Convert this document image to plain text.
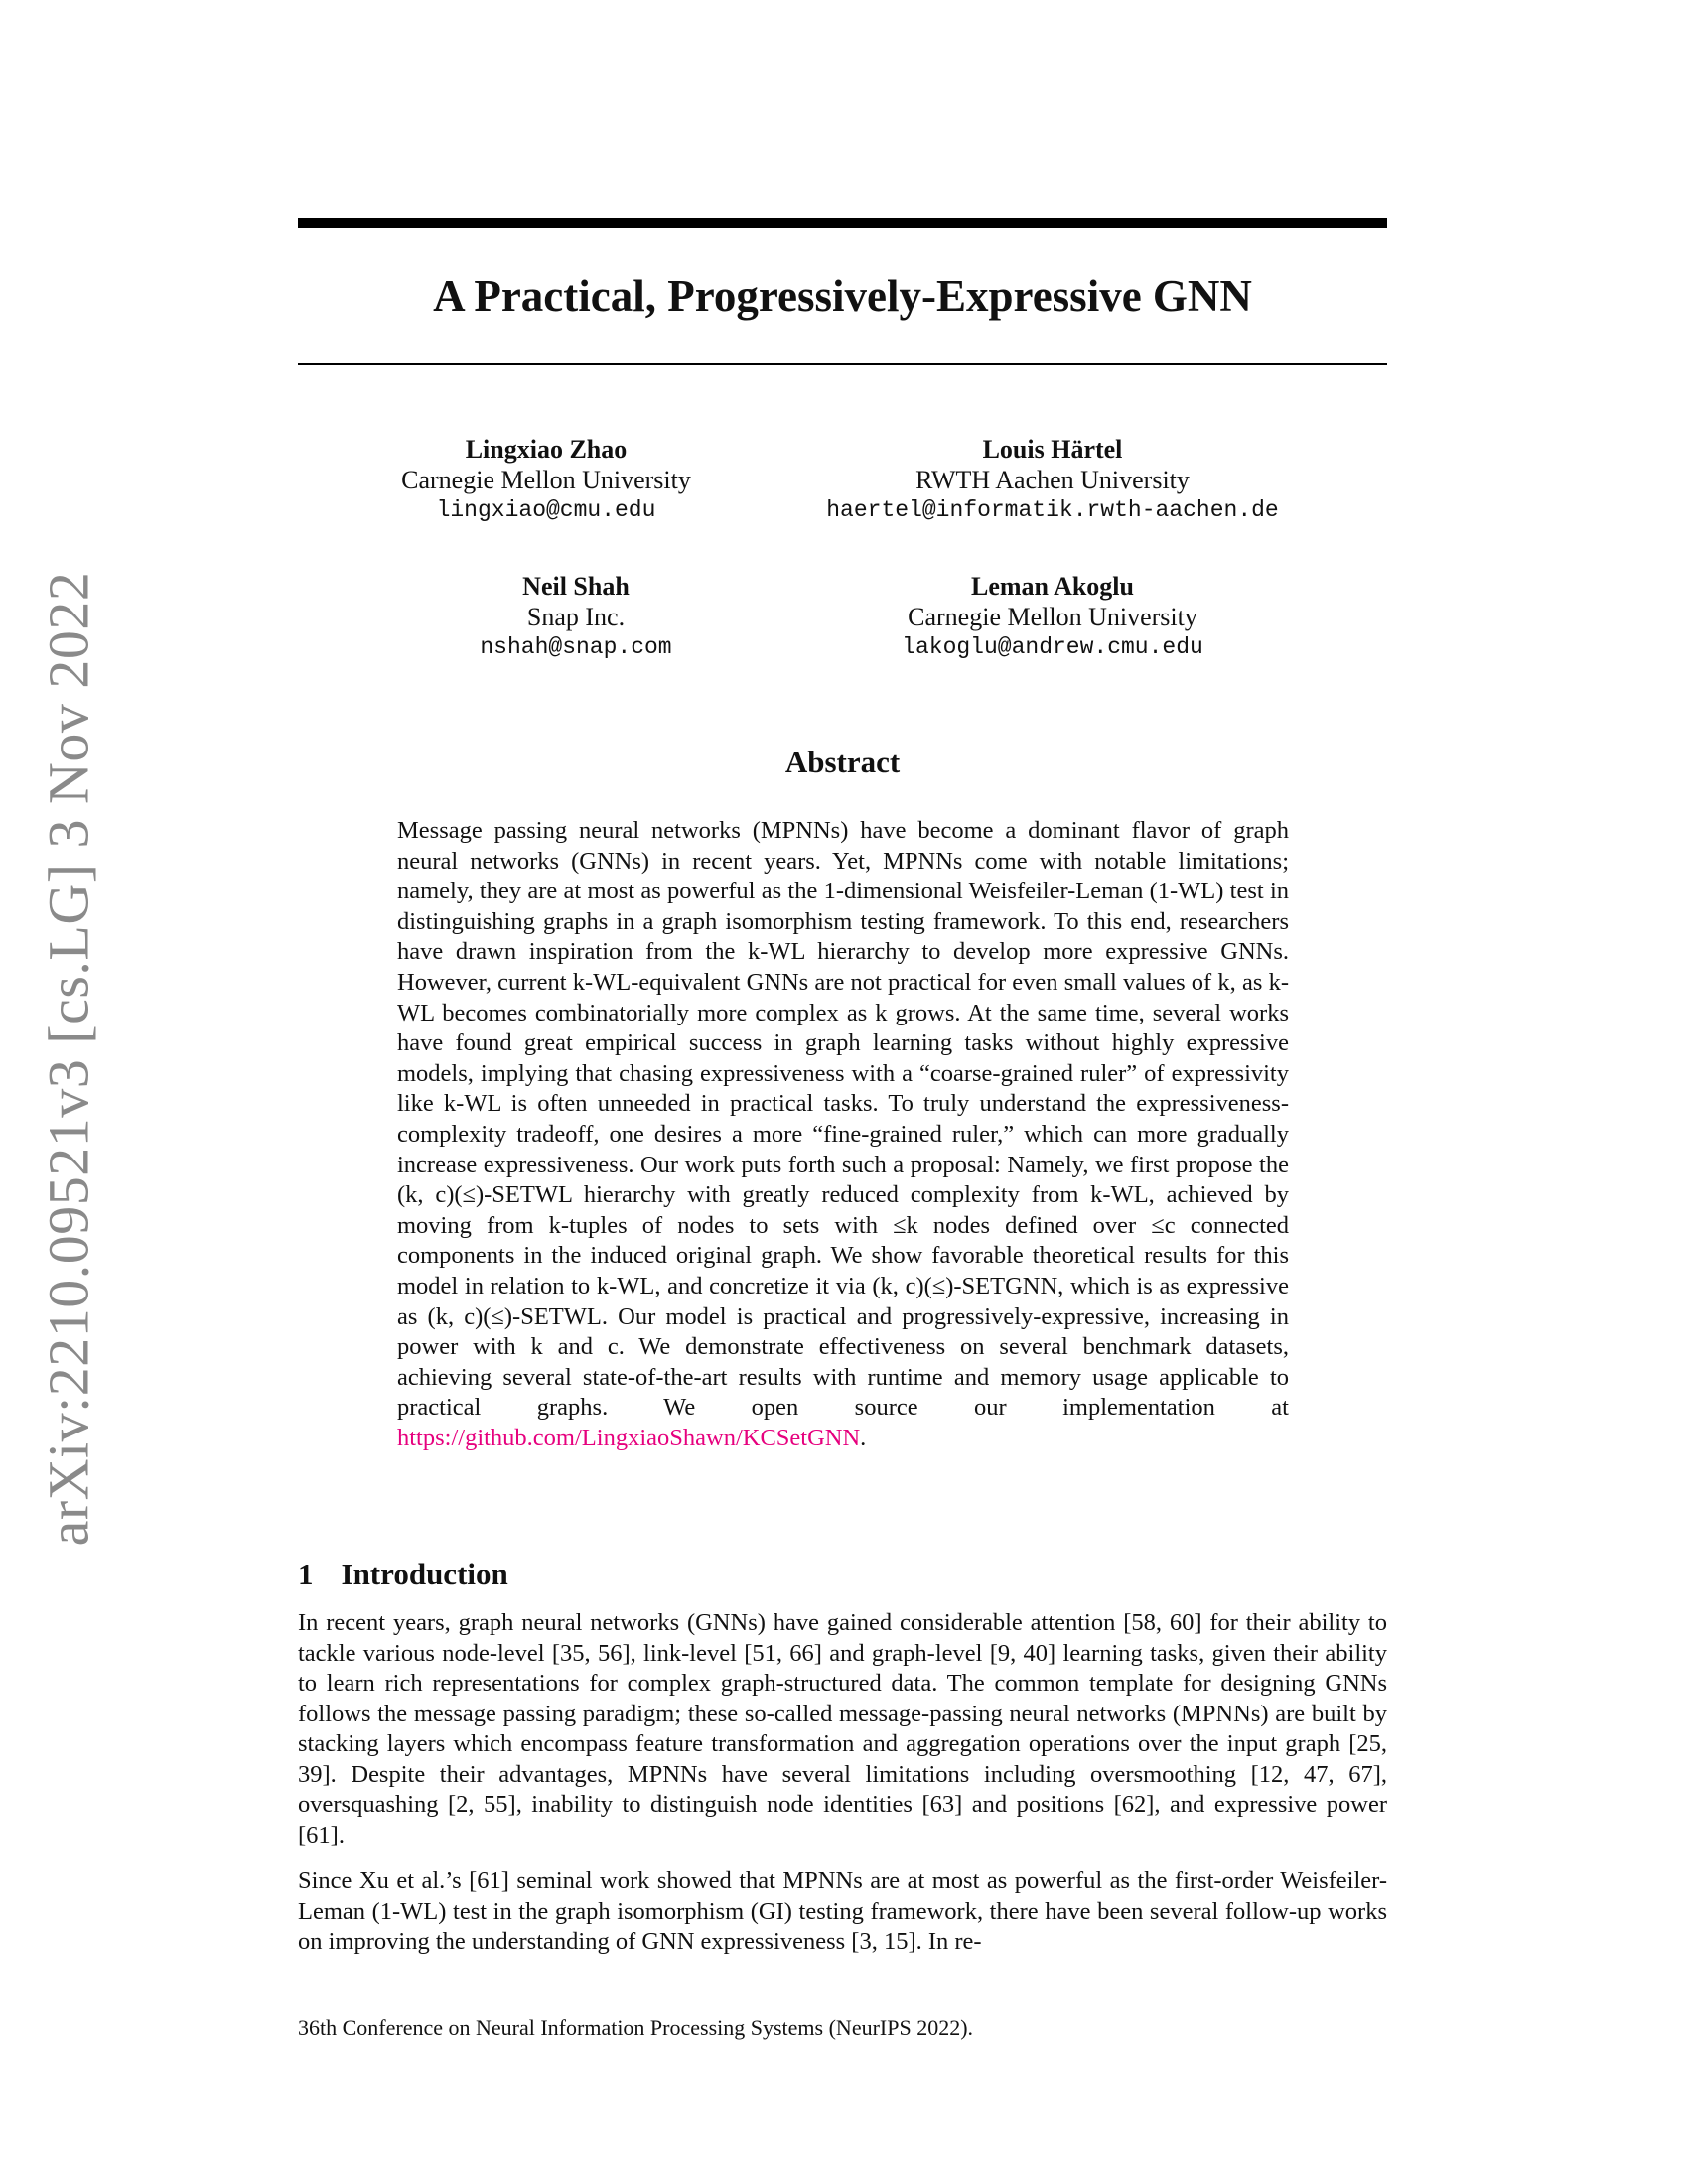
arXiv:2210.09521v3 [cs.LG] 3 Nov 2022
A Practical, Progressively-Expressive GNN
Lingxiao Zhao
Carnegie Mellon University
lingxiao@cmu.edu
Louis Härtel
RWTH Aachen University
haertel@informatik.rwth-aachen.de
Neil Shah
Snap Inc.
nshah@snap.com
Leman Akoglu
Carnegie Mellon University
lakoglu@andrew.cmu.edu
Abstract

Message passing neural networks (MPNNs) have become a dominant flavor of graph neural networks (GNNs) in recent years. Yet, MPNNs come with notable limitations; namely, they are at most as powerful as the 1-dimensional Weisfeiler-Leman (1-WL) test in distinguishing graphs in a graph isomorphism testing framework. To this end, researchers have drawn inspiration from the k-WL hierarchy to develop more expressive GNNs. However, current k-WL-equivalent GNNs are not practical for even small values of k, as k-WL becomes combinatorially more complex as k grows. At the same time, several works have found great empirical success in graph learning tasks without highly expressive models, implying that chasing expressiveness with a “coarse-grained ruler” of expressivity like k-WL is often unneeded in practical tasks. To truly understand the expressiveness-complexity tradeoff, one desires a more “fine-grained ruler,” which can more gradually increase expressiveness. Our work puts forth such a proposal: Namely, we first propose the (k, c)(≤)-SETWL hierarchy with greatly reduced complexity from k-WL, achieved by moving from k-tuples of nodes to sets with ≤k nodes defined over ≤c connected components in the induced original graph. We show favorable theoretical results for this model in relation to k-WL, and concretize it via (k, c)(≤)-SETGNN, which is as expressive as (k, c)(≤)-SETWL. Our model is practical and progressively-expressive, increasing in power with k and c. We demonstrate effectiveness on several benchmark datasets, achieving several state-of-the-art results with runtime and memory usage applicable to practical graphs. We open source our implementation at https://github.com/LingxiaoShawn/KCSetGNN.

1 Introduction

In recent years, graph neural networks (GNNs) have gained considerable attention [58, 60] for their ability to tackle various node-level [35, 56], link-level [51, 66] and graph-level [9, 40] learning tasks, given their ability to learn rich representations for complex graph-structured data. The common template for designing GNNs follows the message passing paradigm; these so-called message-passing neural networks (MPNNs) are built by stacking layers which encompass feature transformation and aggregation operations over the input graph [25, 39]. Despite their advantages, MPNNs have several limitations including oversmoothing [12, 47, 67], oversquashing [2, 55], inability to distinguish node identities [63] and positions [62], and expressive power [61].

Since Xu et al.’s [61] seminal work showed that MPNNs are at most as powerful as the first-order Weisfeiler-Leman (1-WL) test in the graph isomorphism (GI) testing framework, there have been several follow-up works on improving the understanding of GNN expressiveness [3, 15]. In re-

36th Conference on Neural Information Processing Systems (NeurIPS 2022).
